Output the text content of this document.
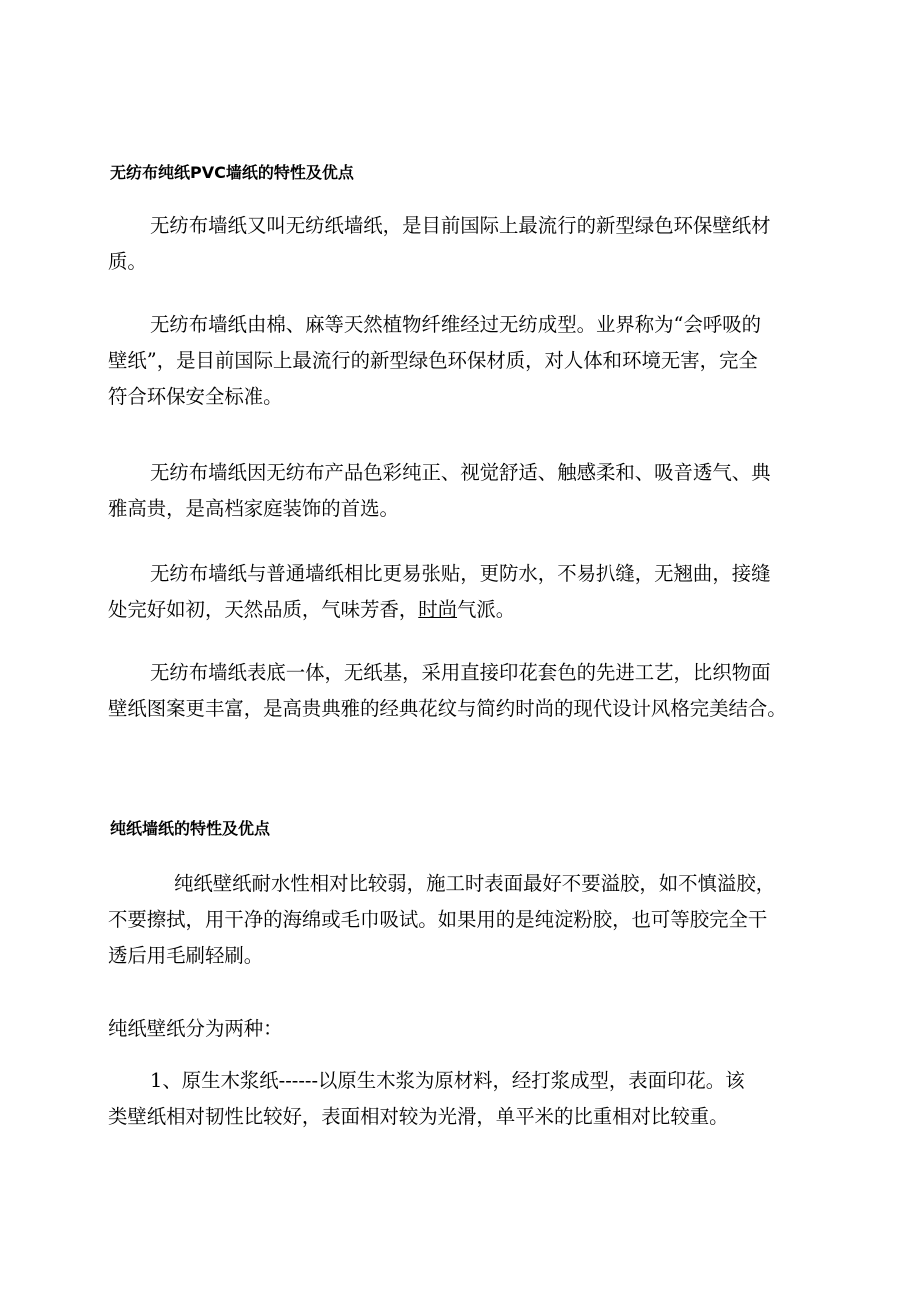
无纺布纯纸PVC墙纸的特性及优点
无纺布墙纸又叫无纺纸墙纸，是目前国际上最流行的新型绿色环保壁纸材
质。
无纺布墙纸由棉、麻等天然植物纤维经过无纺成型。业界称为“会呼吸的
壁纸”，是目前国际上最流行的新型绿色环保材质，对人体和环境无害，完全
符合环保安全标准。
无纺布墙纸因无纺布产品色彩纯正、视觉舒适、触感柔和、吸音透气、典
雅高贵，是高档家庭装饰的首选。
无纺布墙纸与普通墙纸相比更易张贴，更防水，不易扒缝，无翘曲，接缝
处完好如初，天然品质，气味芳香，时尚气派。
无纺布墙纸表底一体，无纸基，采用直接印花套色的先进工艺，比织物面
壁纸图案更丰富，是高贵典雅的经典花纹与简约时尚的现代设计风格完美结合。
纯纸墙纸的特性及优点
纯纸壁纸耐水性相对比较弱，施工时表面最好不要溢胶，如不慎溢胶，
不要擦拭，用干净的海绵或毛巾吸试。如果用的是纯淀粉胶，也可等胶完全干
透后用毛刷轻刷。
纯纸壁纸分为两种：
1、原生木浆纸------以原生木浆为原材料，经打浆成型，表面印花。该
类壁纸相对韧性比较好，表面相对较为光滑，单平米的比重相对比较重。
